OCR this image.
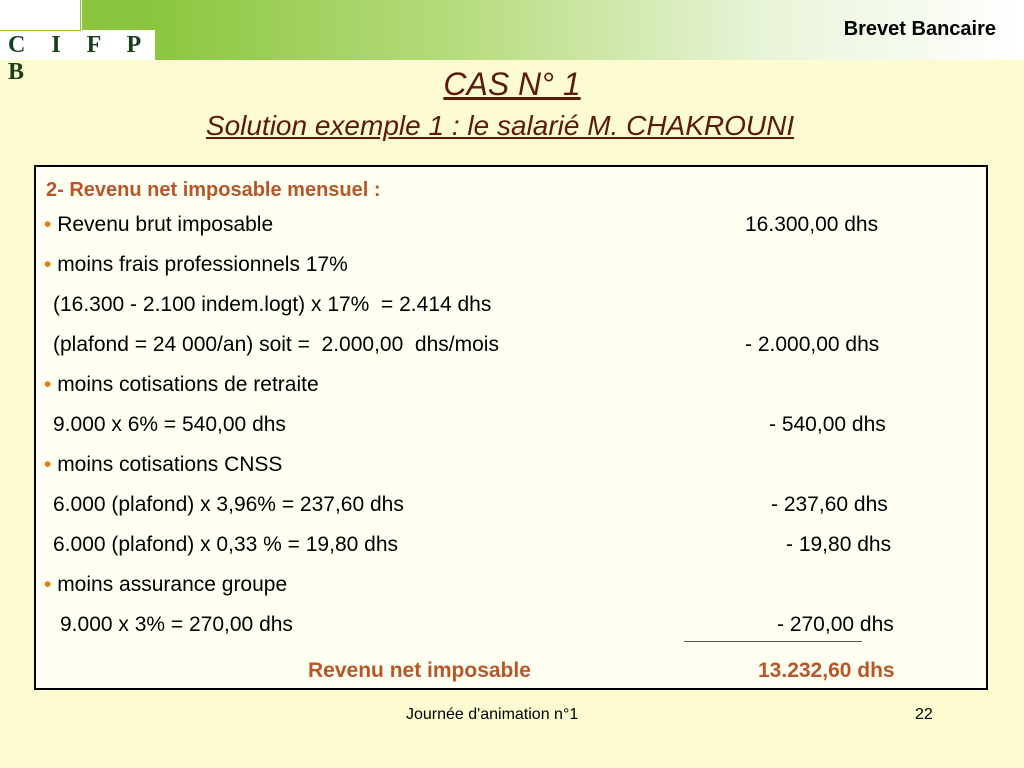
C I F P B
Brevet Bancaire
CAS N° 1
Solution exemple 1 : le salarié M. CHAKROUNI
2- Revenu net imposable mensuel :
• Revenu brut imposable	16.300,00 dhs
• moins frais professionnels 17%
(16.300 - 2.100 indem.logt) x 17%  = 2.414 dhs
(plafond = 24 000/an) soit =  2.000,00  dhs/mois	- 2.000,00 dhs
• moins cotisations de retraite
9.000 x 6% = 540,00 dhs	- 540,00 dhs
• moins cotisations CNSS
6.000 (plafond) x 3,96% = 237,60 dhs	- 237,60 dhs
6.000 (plafond) x 0,33 % = 19,80 dhs	- 19,80 dhs
• moins assurance groupe
9.000 x 3% = 270,00 dhs	- 270,00 dhs
Revenu net imposable	13.232,60 dhs
Journée d'animation n°1	22
